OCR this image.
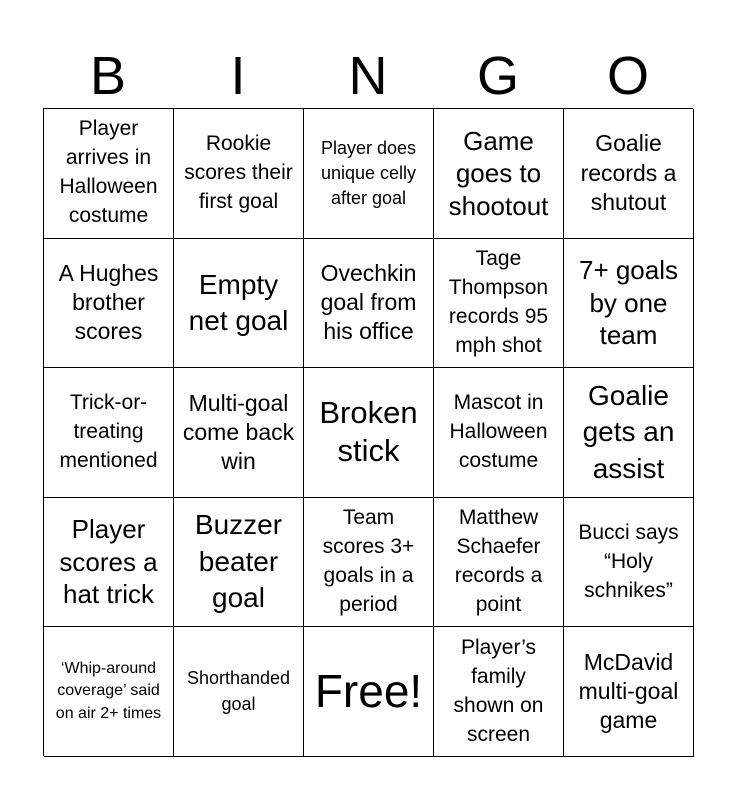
B	I	N	G	O
Player arrives in Halloween costume
Rookie scores their first goal
Player does unique celly after goal
Game goes to shootout
Goalie records a shutout
A Hughes brother scores
Empty net goal
Ovechkin goal from his office
Tage Thompson records 95 mph shot
7+ goals by one team
Trick-or-treating mentioned
Multi-goal come back win
Broken stick
Mascot in Halloween costume
Goalie gets an assist
Player scores a hat trick
Buzzer beater goal
Team scores 3+ goals in a period
Matthew Schaefer records a point
Bucci says “Holy schnikes”
‘Whip-around coverage’ said on air 2+ times
Shorthanded goal	Free!
Player’s family shown on screen
McDavid multi-goal game
